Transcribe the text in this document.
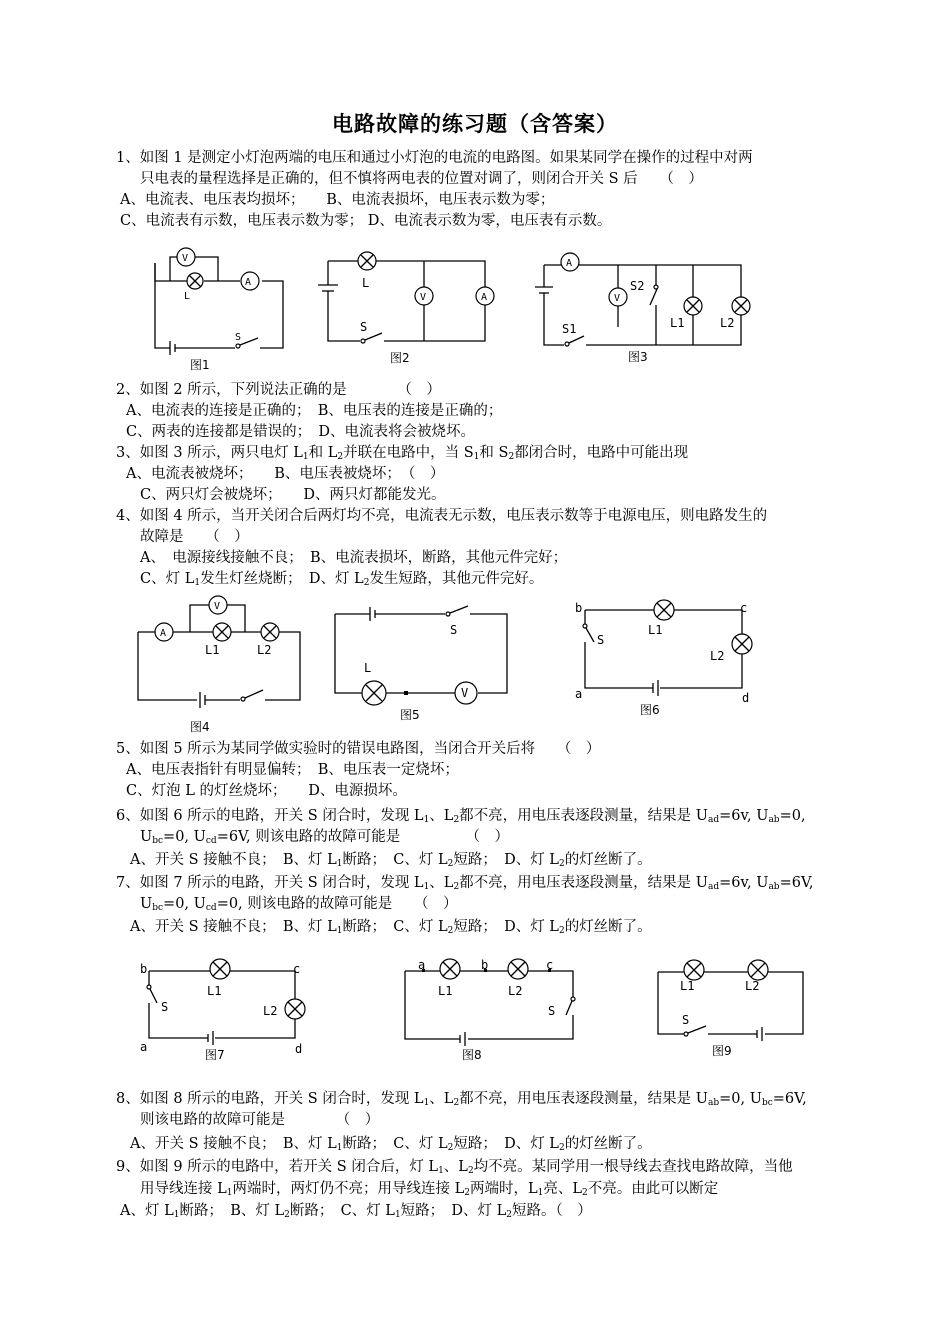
电路故障的练习题（含答案）
1、如图 1 是测定小灯泡两端的电压和通过小灯泡的电流的电路图。如果某同学在操作的过程中对两
只电表的量程选择是正确的，但不慎将两电表的位置对调了，则闭合开关 S 后　　（　）
A、电流表、电压表均损坏；　　B、电流表损坏，电压表示数为零；
C、电流表有示数，电压表示数为零； D、电流表示数为零，电压表有示数。
A
V
L
S
图1
L
A
V
S
图2
A
S1
V
S2
L1	L2
图3
2、如图 2 所示，下列说法正确的是　　　　（　）
A、电流表的连接是正确的；　B、电压表的连接是正确的；
C、两表的连接都是错误的；　D、电流表将会被烧坏。
3、如图 3 所示，两只电灯 $L_1$和 $L_2$并联在电路中，当 $S_1$和 $S_2$都闭合时，电路中可能出现
A、电流表被烧坏；　　B、电压表被烧坏；　（　）
C、两只灯会被烧坏；　　D、两只灯都能发光。
4、如图 4 所示，当开关闭合后两灯均不亮，电流表无示数，电压表示数等于电源电压，则电路发生的
故障是　　（　）
A、　电源接线接触不良；　B、电流表损坏，断路，其他元件完好；
C、灯 $L_1$发生灯丝烧断；　D、灯 $L_2$发生短路，其他元件完好。
A
V
L1	L2
图4
V
L
S
图5
b	c
a	d
S
L1
L2
图6
5、如图 5 所示为某同学做实验时的错误电路图，当闭合开关后将　　（　）
A、电压表指针有明显偏转；　B、电压表一定烧坏；
C、灯泡 L 的灯丝烧坏；　　D、电源损坏。
6、如图 6 所示的电路，开关 S 闭合时，发现 $L_1$、$L_2$都不亮，用电压表逐段测量，结果是 $U_{ad}=6v$, $U_{ab}=0$,
$U_{bc}=0$, $U_{cd}=6V$, 则该电路的故障可能是　　　　　（　）
A、开关 S 接触不良；　B、灯 $L_1$断路；　C、灯 $L_2$短路；　D、灯 $L_2$的灯丝断了。
7、如图 7 所示的电路，开关 S 闭合时，发现 $L_1$、$L_2$都不亮，用电压表逐段测量，结果是 $U_{ad}=6v$, $U_{ab}=6V$,
$U_{bc}=0$, $U_{cd}=0$, 则该电路的故障可能是　　（　）
A、开关 S 接触不良；　B、灯 $L_1$断路；　C、灯 $L_2$短路；　D、灯 $L_2$的灯丝断了。
b	c
a	d
S
L1
L2
图7
a	b	c
L1	L2
S
图8
L1	L2
S
图9
8、如图 8 所示的电路，开关 S 闭合时，发现 $L_1$、$L_2$都不亮，用电压表逐段测量，结果是 $U_{ab}=0$, $U_{bc}=6V$,
则该电路的故障可能是　　　　（　）
A、开关 S 接触不良；　B、灯 $L_1$断路；　C、灯 $L_2$短路；　D、灯 $L_2$的灯丝断了。
9、如图 9 所示的电路中，若开关 S 闭合后，灯 $L_1$、$L_2$均不亮。某同学用一根导线去查找电路故障，当他
用导线连接 $L_1$两端时，两灯仍不亮；用导线连接 $L_2$两端时，$L_1$亮、$L_2$不亮。由此可以断定
A、灯 $L_1$断路；　B、灯 $L_2$断路；　C、灯 $L_1$短路；　D、灯 $L_2$短路。（　）
